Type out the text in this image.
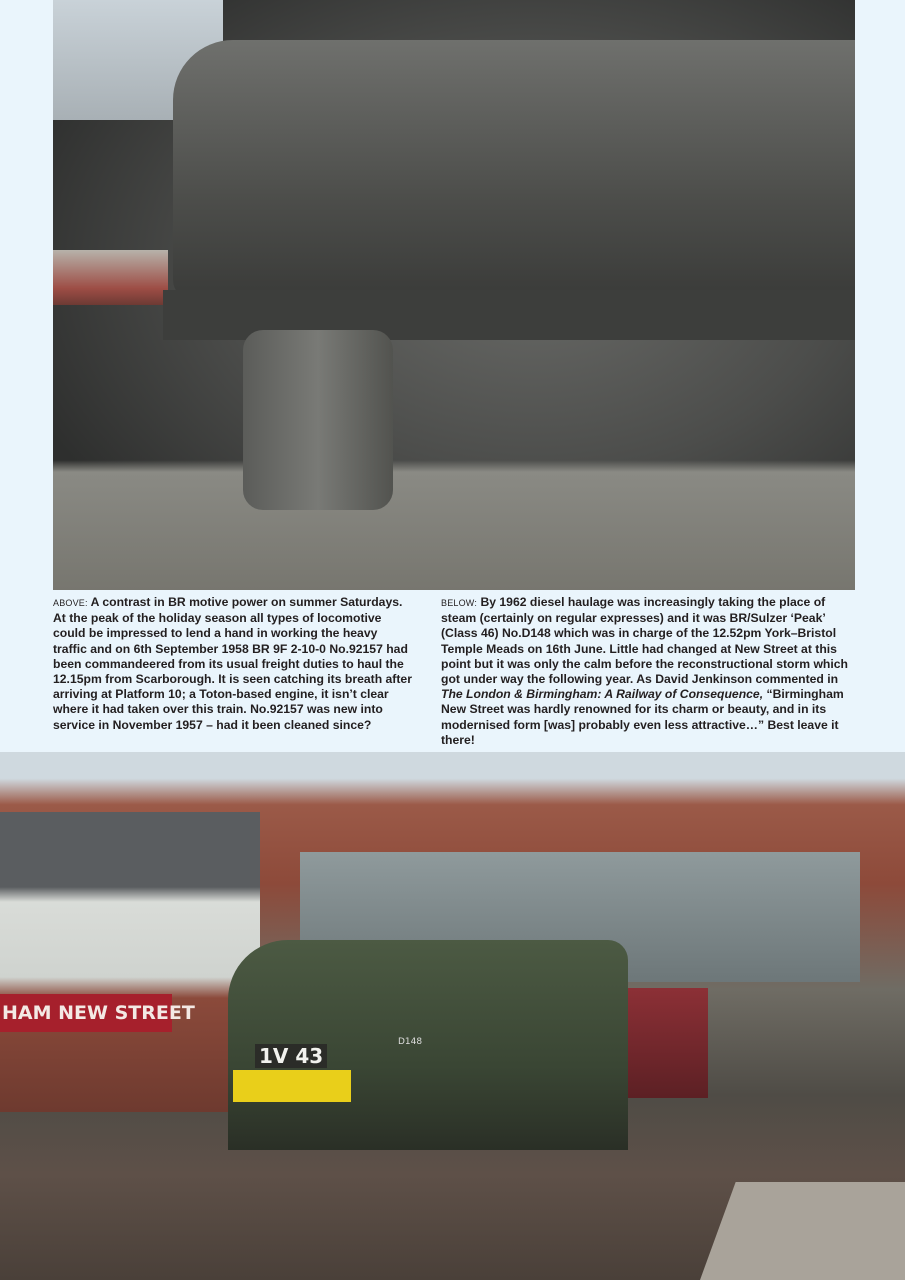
ABOVE: A contrast in BR motive power on summer Saturdays. At the peak of the holiday season all types of locomotive could be impressed to lend a hand in working the heavy traffic and on 6th September 1958 BR 9F 2-10-0 No.92157 had been commandeered from its usual freight duties to haul the 12.15pm from Scarborough. It is seen catching its breath after arriving at Platform 10; a Toton-based engine, it isn’t clear where it had taken over this train. No.92157 was new into service in November 1957 – had it been cleaned since?
BELOW: By 1962 diesel haulage was increasingly taking the place of steam (certainly on regular expresses) and it was BR/Sulzer ‘Peak’ (Class 46) No.D148 which was in charge of the 12.52pm York–Bristol Temple Meads on 16th June. Little had changed at New Street at this point but it was only the calm before the reconstructional storm which got under way the following year. As David Jenkinson commented in The London & Birmingham: A Railway of Consequence, “Birmingham New Street was hardly renowned for its charm or beauty, and in its modernised form [was] probably even less attractive…” Best leave it there!
HAM NEW STREET
1V 43
D148
